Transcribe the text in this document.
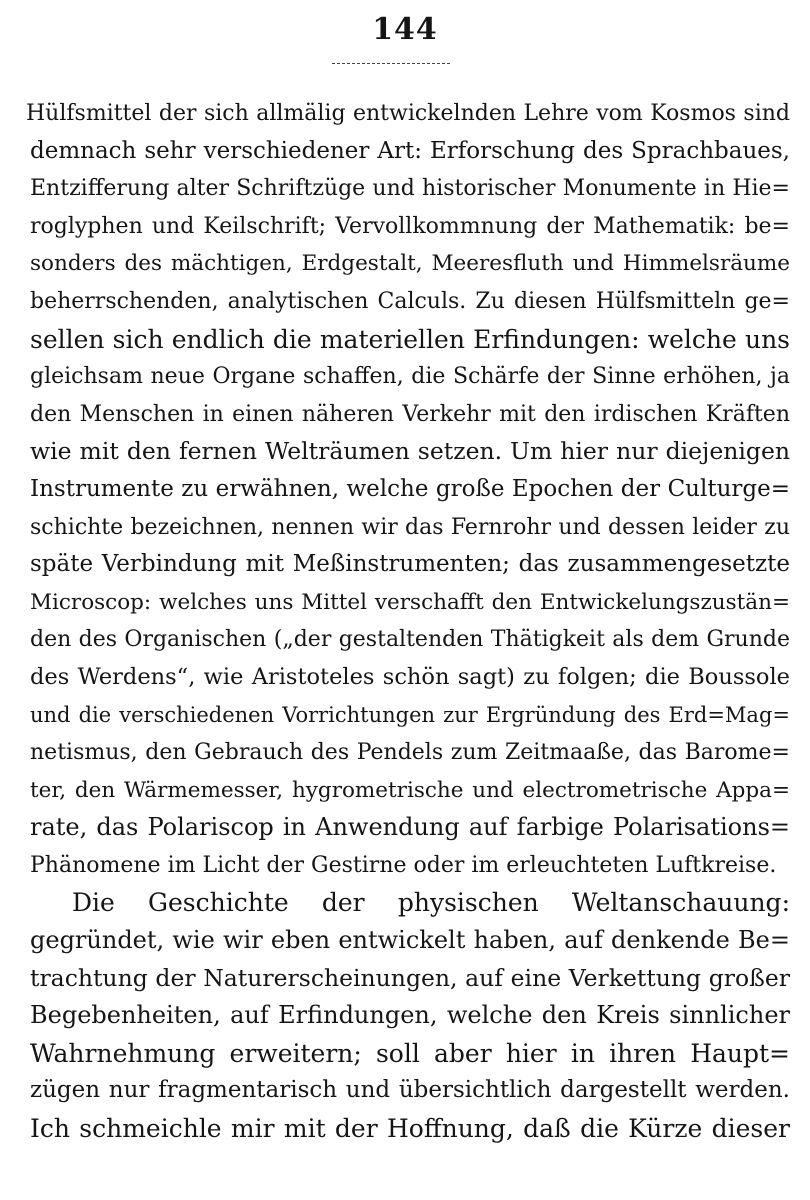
144
Hülfsmittel der sich allmälig entwickelnden Lehre vom Kosmos sind
demnach sehr verschiedener Art: Erforschung des Sprachbaues,
Entzifferung alter Schriftzüge und historischer Monumente in Hie=
roglyphen und Keilschrift; Vervollkommnung der Mathematik: be=
sonders des mächtigen, Erdgestalt, Meeresfluth und Himmelsräume
beherrschenden, analytischen Calculs. Zu diesen Hülfsmitteln ge=
sellen sich endlich die materiellen Erfindungen: welche uns
gleichsam neue Organe schaffen, die Schärfe der Sinne erhöhen, ja
den Menschen in einen näheren Verkehr mit den irdischen Kräften
wie mit den fernen Welträumen setzen. Um hier nur diejenigen
Instrumente zu erwähnen, welche große Epochen der Culturge=
schichte bezeichnen, nennen wir das Fernrohr und dessen leider zu
späte Verbindung mit Meßinstrumenten; das zusammengesetzte
Microscop: welches uns Mittel verschafft den Entwickelungszustän=
den des Organischen („der gestaltenden Thätigkeit als dem Grunde
des Werdens“, wie Aristoteles schön sagt) zu folgen; die Boussole
und die verschiedenen Vorrichtungen zur Ergründung des Erd=Mag=
netismus, den Gebrauch des Pendels zum Zeitmaaße, das Barome=
ter, den Wärmemesser, hygrometrische und electrometrische Appa=
rate, das Polariscop in Anwendung auf farbige Polarisations=
Phänomene im Licht der Gestirne oder im erleuchteten Luftkreise.
Die Geschichte der physischen Weltanschauung:
gegründet, wie wir eben entwickelt haben, auf denkende Be=
trachtung der Naturerscheinungen, auf eine Verkettung großer
Begebenheiten, auf Erfindungen, welche den Kreis sinnlicher
Wahrnehmung erweitern; soll aber hier in ihren Haupt=
zügen nur fragmentarisch und übersichtlich dargestellt werden.
Ich schmeichle mir mit der Hoffnung, daß die Kürze dieser
